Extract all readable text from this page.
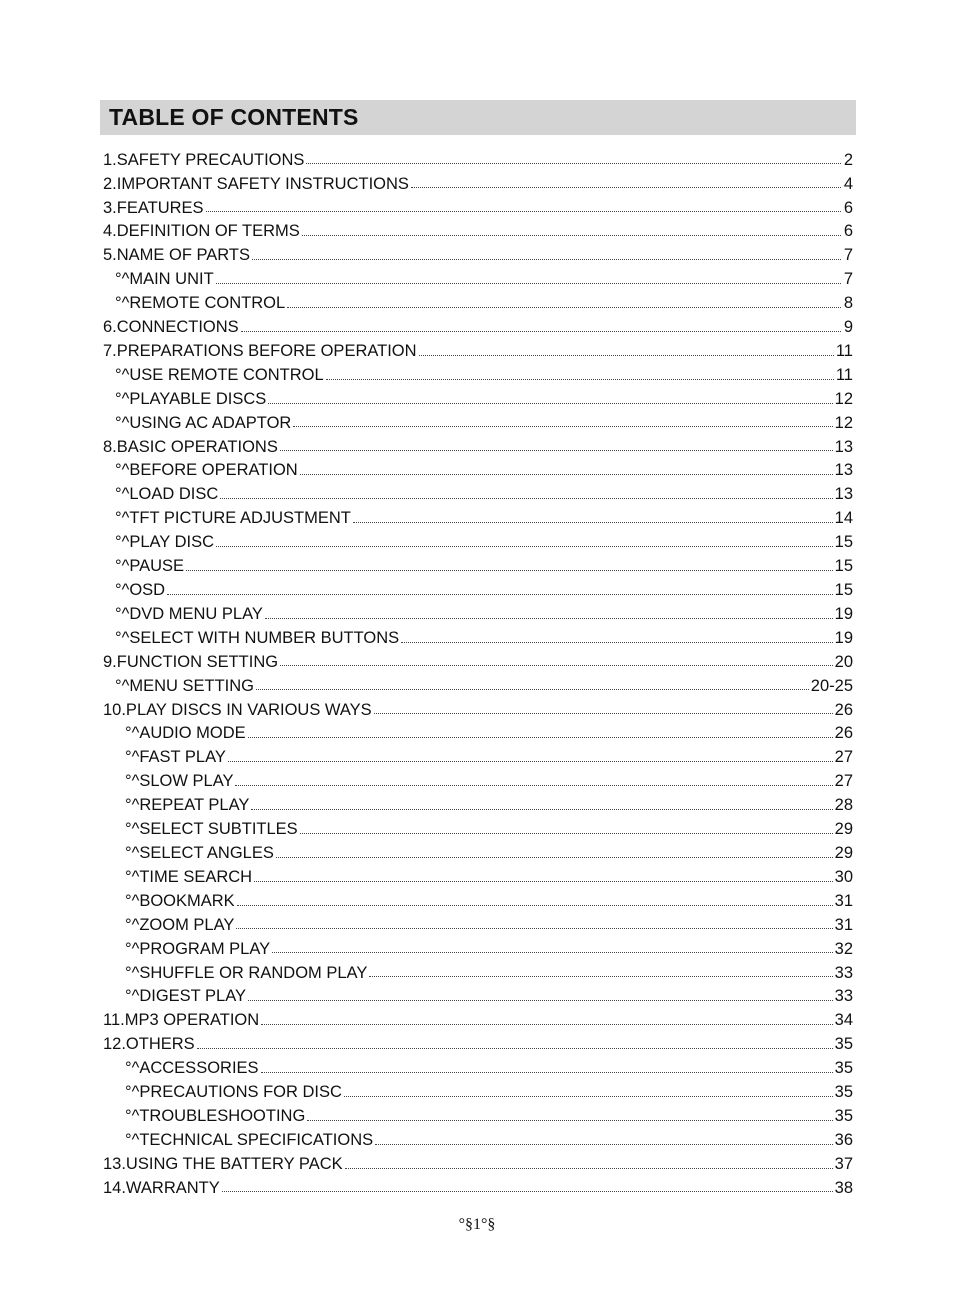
TABLE OF CONTENTS
1.SAFETY PRECAUTIONS	2
2.IMPORTANT SAFETY INSTRUCTIONS	4
3.FEATURES	6
4.DEFINITION OF TERMS	6
5.NAME OF PARTS	7
°^MAIN UNIT	7
°^REMOTE CONTROL	8
6.CONNECTIONS	9
7.PREPARATIONS BEFORE OPERATION	11
°^USE REMOTE CONTROL	11
°^PLAYABLE DISCS	12
°^USING AC ADAPTOR	12
8.BASIC OPERATIONS	13
°^BEFORE OPERATION	13
°^LOAD DISC	13
°^TFT PICTURE ADJUSTMENT	14
°^PLAY DISC	15
°^PAUSE	15
°^OSD	15
°^DVD MENU PLAY	19
°^SELECT WITH NUMBER BUTTONS	19
9.FUNCTION SETTING	20
°^MENU SETTING	20-25
10.PLAY DISCS IN VARIOUS WAYS	26
°^AUDIO MODE	26
°^FAST PLAY	27
°^SLOW PLAY	27
°^REPEAT PLAY	28
°^SELECT SUBTITLES	29
°^SELECT ANGLES	29
°^TIME SEARCH	30
°^BOOKMARK	31
°^ZOOM PLAY	31
°^PROGRAM PLAY	32
°^SHUFFLE OR RANDOM PLAY	33
°^DIGEST PLAY	33
11.MP3 OPERATION	34
12.OTHERS	35
°^ACCESSORIES	35
°^PRECAUTIONS FOR DISC	35
°^TROUBLESHOOTING	35
°^TECHNICAL SPECIFICATIONS	36
13.USING THE BATTERY PACK	37
14.WARRANTY	38
°§1°§
